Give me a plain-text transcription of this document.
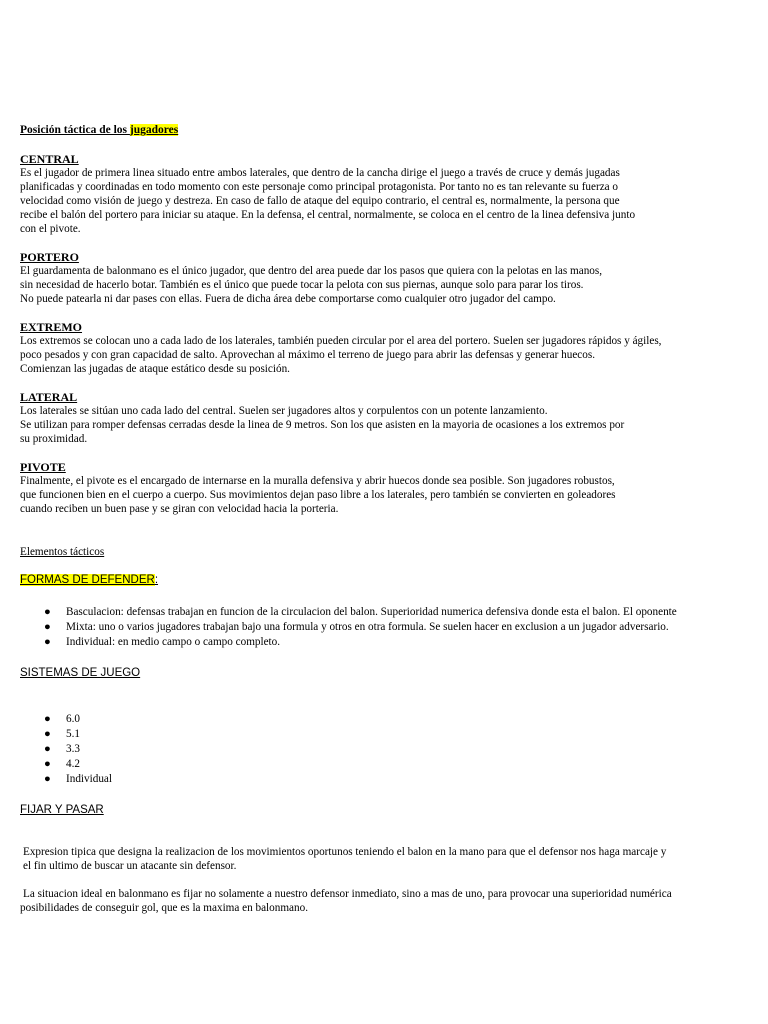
Posición táctica de los jugadores
CENTRAL
Es el jugador de primera linea situado entre ambos laterales, que dentro de la cancha dirige el juego a través de cruce y demás jugadas
planificadas y coordinadas en todo momento con este personaje como principal protagonista. Por tanto no es tan relevante su fuerza o
velocidad como visión de juego y destreza. En caso de fallo de ataque del equipo contrario, el central es, normalmente, la persona que
recibe el balón del portero para iniciar su ataque. En la defensa, el central, normalmente, se coloca en el centro de la linea defensiva junto
con el pivote.
PORTERO
El guardamenta de balonmano es el único jugador, que dentro del area puede dar los pasos que quiera con la pelotas en las manos,
sin necesidad de hacerlo botar. También es el único que puede tocar la pelota con sus piernas, aunque solo para parar los tiros.
No puede patearla ni dar pases con ellas. Fuera de dicha área debe comportarse como cualquier otro jugador del campo.
EXTREMO
Los extremos se colocan uno a cada lado de los laterales, también pueden circular por el area del portero. Suelen ser jugadores rápidos y ágiles,
poco pesados y con gran capacidad de salto. Aprovechan al máximo el terreno de juego para abrir las defensas y generar huecos.
Comienzan las jugadas de ataque estático desde su posición.
LATERAL
Los laterales se sitúan uno cada lado del central. Suelen ser jugadores altos y corpulentos con un potente lanzamiento.
Se utilizan para romper defensas cerradas desde la linea de 9 metros. Son los que asisten en la mayoria de ocasiones a los extremos por
su proximidad.
PIVOTE
Finalmente, el pivote es el encargado de internarse en la muralla defensiva y abrir huecos donde sea posible. Son jugadores robustos,
que funcionen bien en el cuerpo a cuerpo. Sus movimientos dejan paso libre a los laterales, pero también se convierten en goleadores
cuando reciben un buen pase y se giran con velocidad hacia la porteria.
Elementos tácticos
FORMAS DE DEFENDER:
● Basculacion: defensas trabajan en funcion de la circulacion del balon. Superioridad numerica defensiva donde esta el balon. El oponente
● Mixta: uno o varios jugadores trabajan bajo una formula y otros en otra formula. Se suelen hacer en exclusion a un jugador adversario.
● Individual: en medio campo o campo completo.
SISTEMAS DE JUEGO
● 6.0
● 5.1
● 3.3
● 4.2
● Individual
FIJAR Y PASAR
Expresion tipica que designa la realizacion de los movimientos oportunos teniendo el balon en la mano para que el defensor nos haga marcaje y
el fin ultimo de buscar un atacante sin defensor.
La situacion ideal en balonmano es fijar no solamente a nuestro defensor inmediato, sino a mas de uno, para provocar una superioridad numérica
posibilidades de conseguir gol, que es la maxima en balonmano.
